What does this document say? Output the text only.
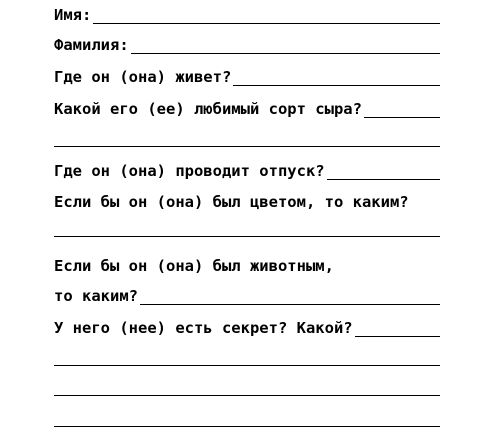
Имя:
Фамилия:
Где он (она) живет?
Какой его (ее) любимый сорт сыра?
Где он (она) проводит отпуск?
Если бы он (она) был цветом, то каким?
Если бы он (она) был животным,
то каким?
У него (нее) есть секрет? Какой?
